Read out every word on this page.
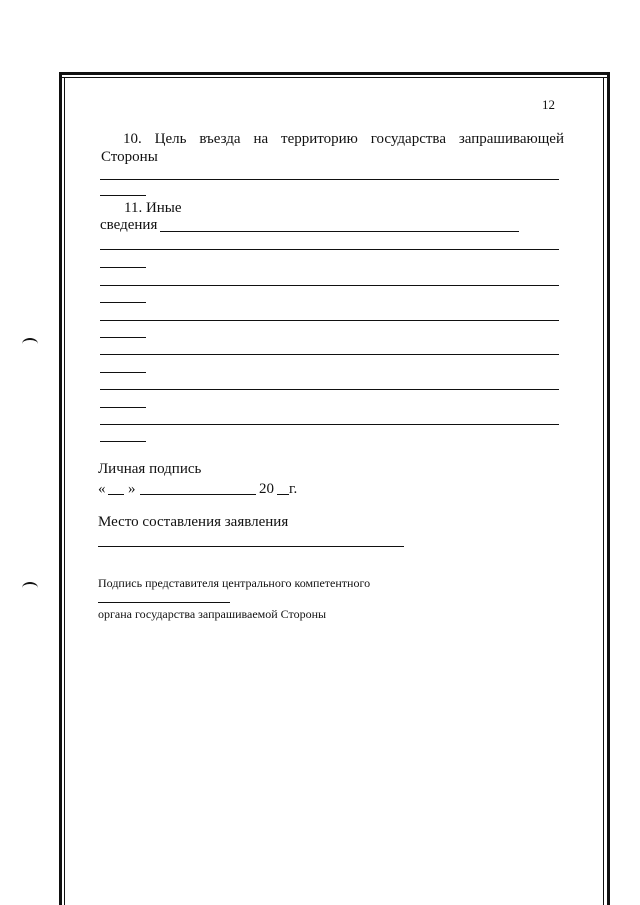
12
10. Цель въезда на территорию государства запрашивающей Стороны
11. Иные
сведения
Личная подпись
« »	20 г.
Место составления заявления
Подпись представителя центрального компетентного
органа государства запрашиваемой Стороны
